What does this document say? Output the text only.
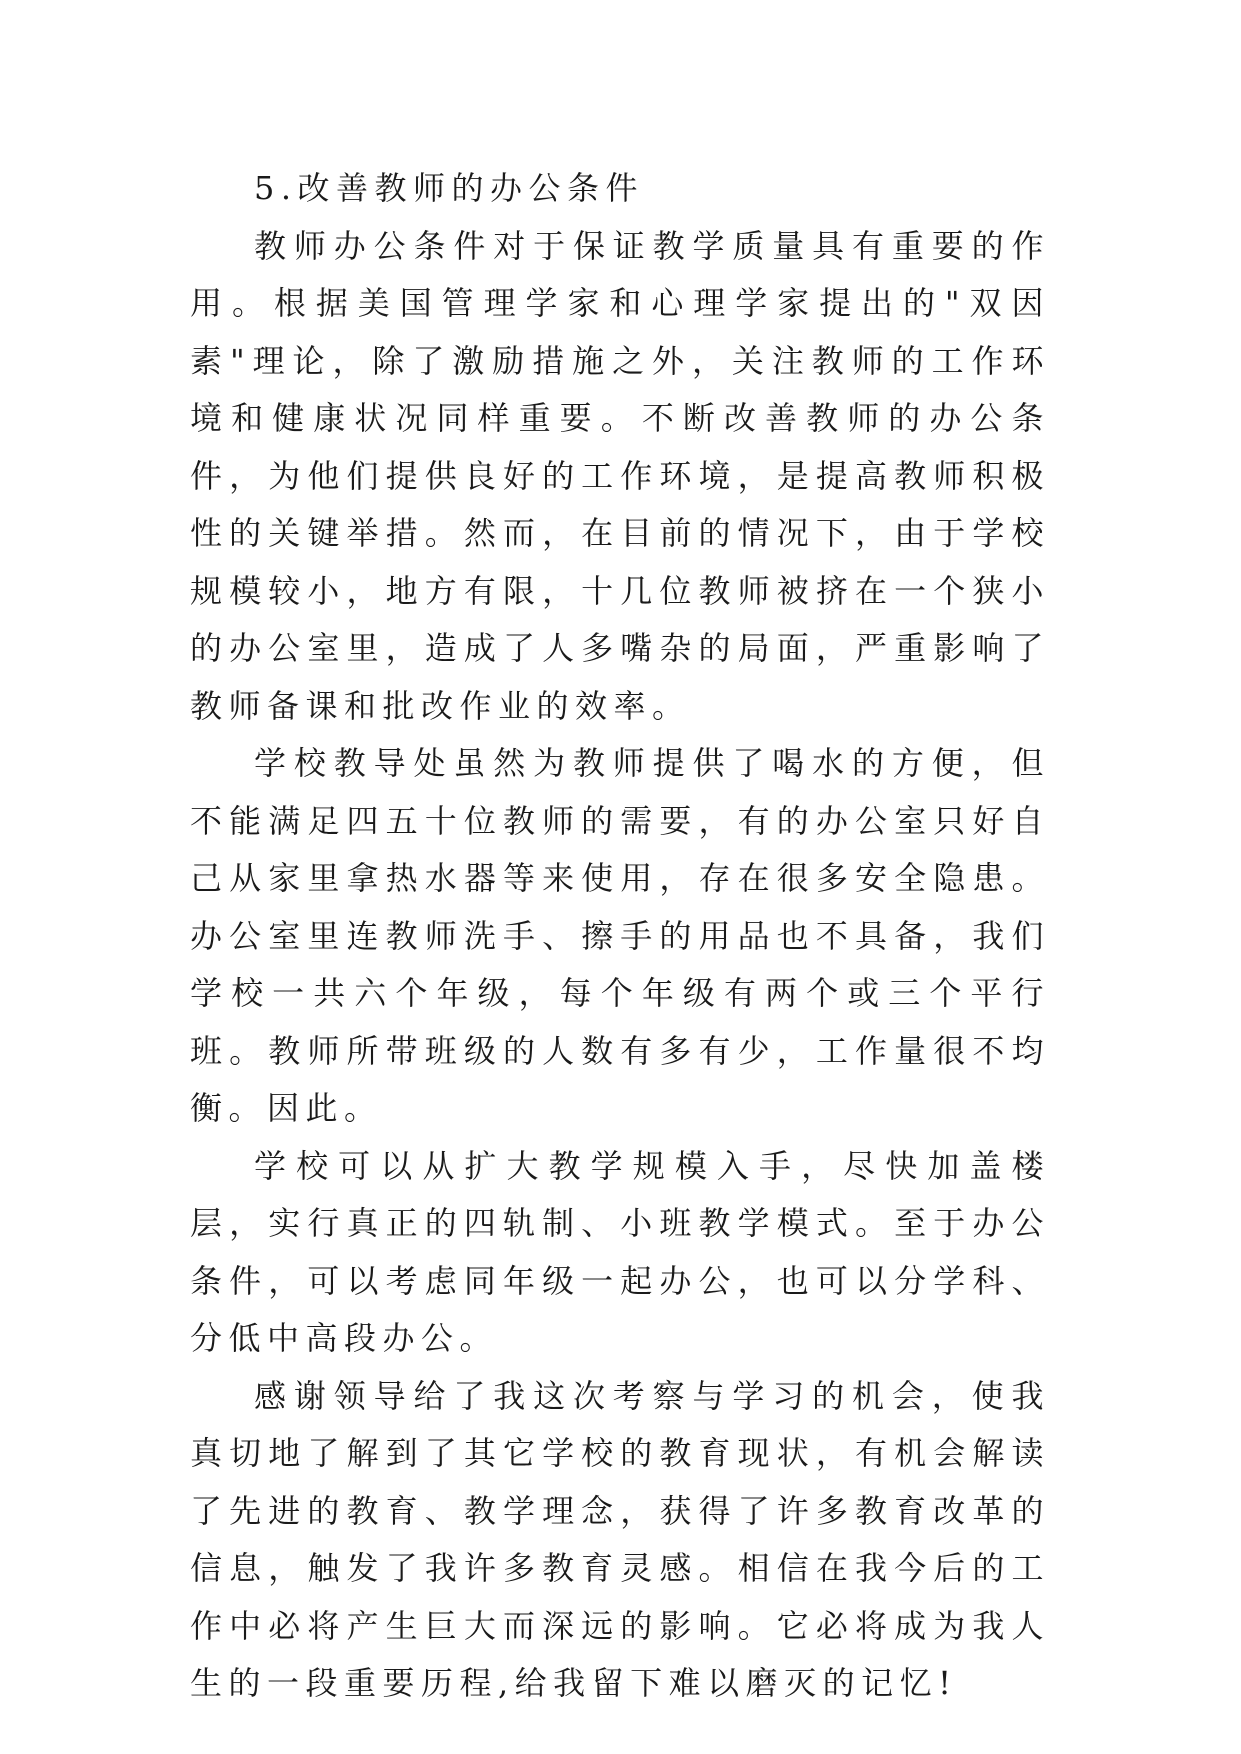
5.改善教师的办公条件

教师办公条件对于保证教学质量具有重要的作用。根据美国管理学家和心理学家提出的"双因素"理论，除了激励措施之外，关注教师的工作环境和健康状况同样重要。不断改善教师的办公条件，为他们提供良好的工作环境，是提高教师积极性的关键举措。然而，在目前的情况下，由于学校规模较小，地方有限，十几位教师被挤在一个狭小的办公室里，造成了人多嘴杂的局面，严重影响了教师备课和批改作业的效率。

学校教导处虽然为教师提供了喝水的方便，但不能满足四五十位教师的需要，有的办公室只好自己从家里拿热水器等来使用，存在很多安全隐患。办公室里连教师洗手、擦手的用品也不具备，我们学校一共六个年级，每个年级有两个或三个平行班。教师所带班级的人数有多有少，工作量很不均衡。因此。

学校可以从扩大教学规模入手，尽快加盖楼层，实行真正的四轨制、小班教学模式。至于办公条件，可以考虑同年级一起办公，也可以分学科、分低中高段办公。

感谢领导给了我这次考察与学习的机会，使我真切地了解到了其它学校的教育现状，有机会解读了先进的教育、教学理念，获得了许多教育改革的信息，触发了我许多教育灵感。相信在我今后的工作中必将产生巨大而深远的影响。它必将成为我人生的一段重要历程,给我留下难以磨灭的记忆!
